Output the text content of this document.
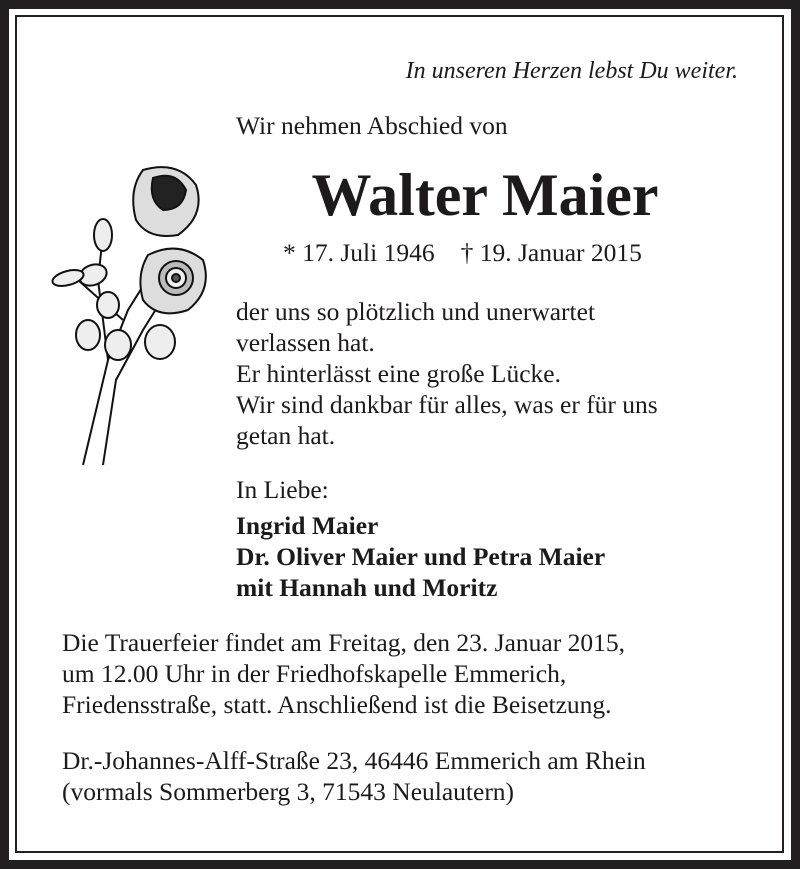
In unseren Herzen lebst Du weiter.
Wir nehmen Abschied von
Walter Maier
* 17. Juli 1946 † 19. Januar 2015
der uns so plötzlich und unerwartet
verlassen hat.
Er hinterlässt eine große Lücke.
Wir sind dankbar für alles, was er für uns
getan hat.
In Liebe:
Ingrid Maier
Dr. Oliver Maier und Petra Maier
mit Hannah und Moritz
Die Trauerfeier findet am Freitag, den 23. Januar 2015,
um 12.00 Uhr in der Friedhofskapelle Emmerich,
Friedensstraße, statt. Anschließend ist die Beisetzung.
Dr.-Johannes-Alff-Straße 23, 46446 Emmerich am Rhein
(vormals Sommerberg 3, 71543 Neulautern)
